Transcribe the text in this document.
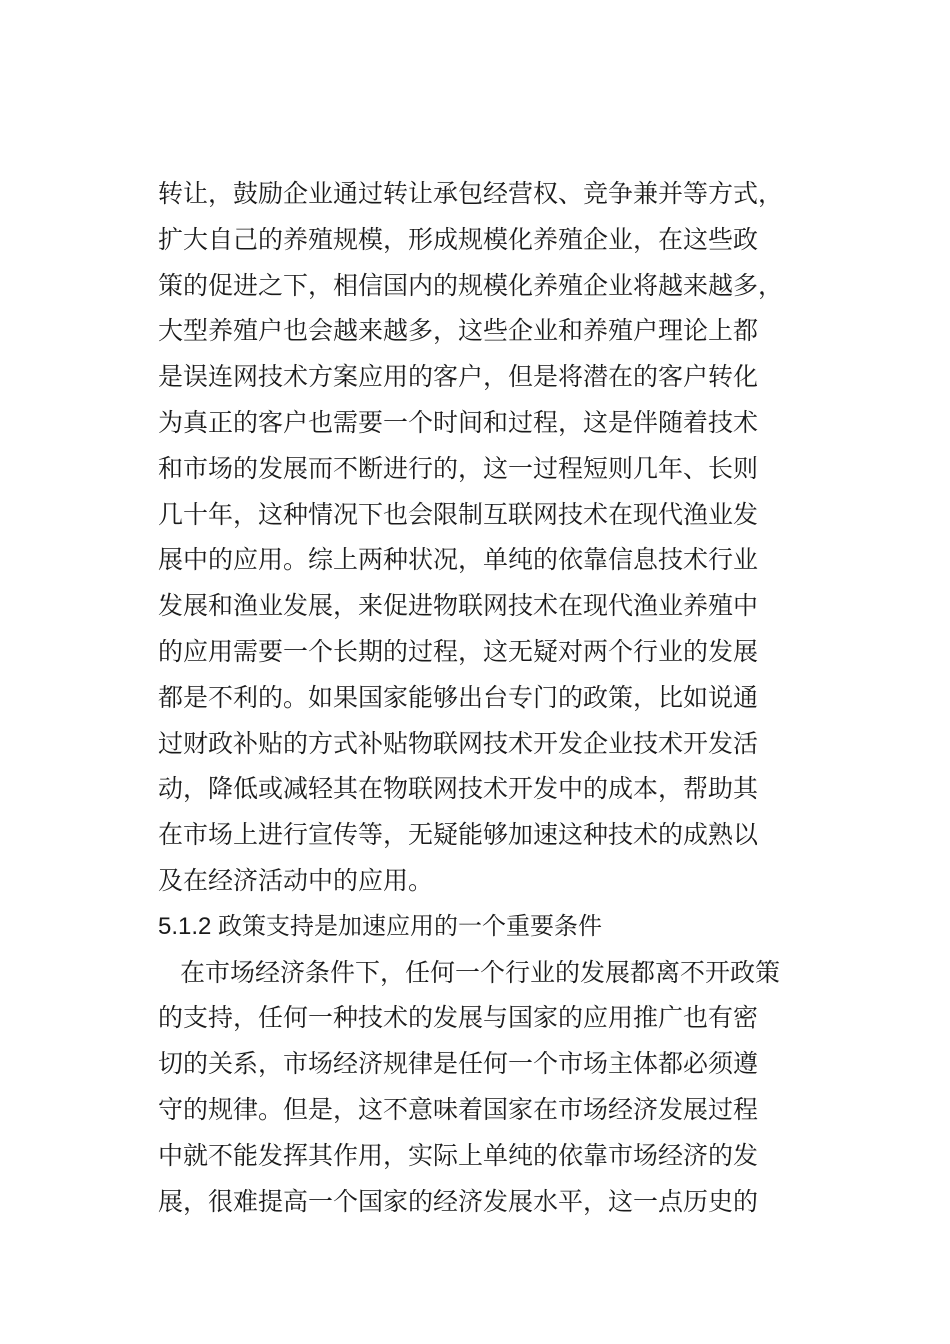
转让，鼓励企业通过转让承包经营权、竞争兼并等方式，
扩大自己的养殖规模，形成规模化养殖企业，在这些政
策的促进之下，相信国内的规模化养殖企业将越来越多，
大型养殖户也会越来越多，这些企业和养殖户理论上都
是误连网技术方案应用的客户，但是将潜在的客户转化
为真正的客户也需要一个时间和过程，这是伴随着技术
和市场的发展而不断进行的，这一过程短则几年、长则
几十年，这种情况下也会限制互联网技术在现代渔业发
展中的应用。综上两种状况，单纯的依靠信息技术行业
发展和渔业发展，来促进物联网技术在现代渔业养殖中
的应用需要一个长期的过程，这无疑对两个行业的发展
都是不利的。如果国家能够出台专门的政策，比如说通
过财政补贴的方式补贴物联网技术开发企业技术开发活
动，降低或减轻其在物联网技术开发中的成本，帮助其
在市场上进行宣传等，无疑能够加速这种技术的成熟以
及在经济活动中的应用。
5.1.2 政策支持是加速应用的一个重要条件
在市场经济条件下，任何一个行业的发展都离不开政策
的支持，任何一种技术的发展与国家的应用推广也有密
切的关系，市场经济规律是任何一个市场主体都必须遵
守的规律。但是，这不意味着国家在市场经济发展过程
中就不能发挥其作用，实际上单纯的依靠市场经济的发
展，很难提高一个国家的经济发展水平，这一点历史的
